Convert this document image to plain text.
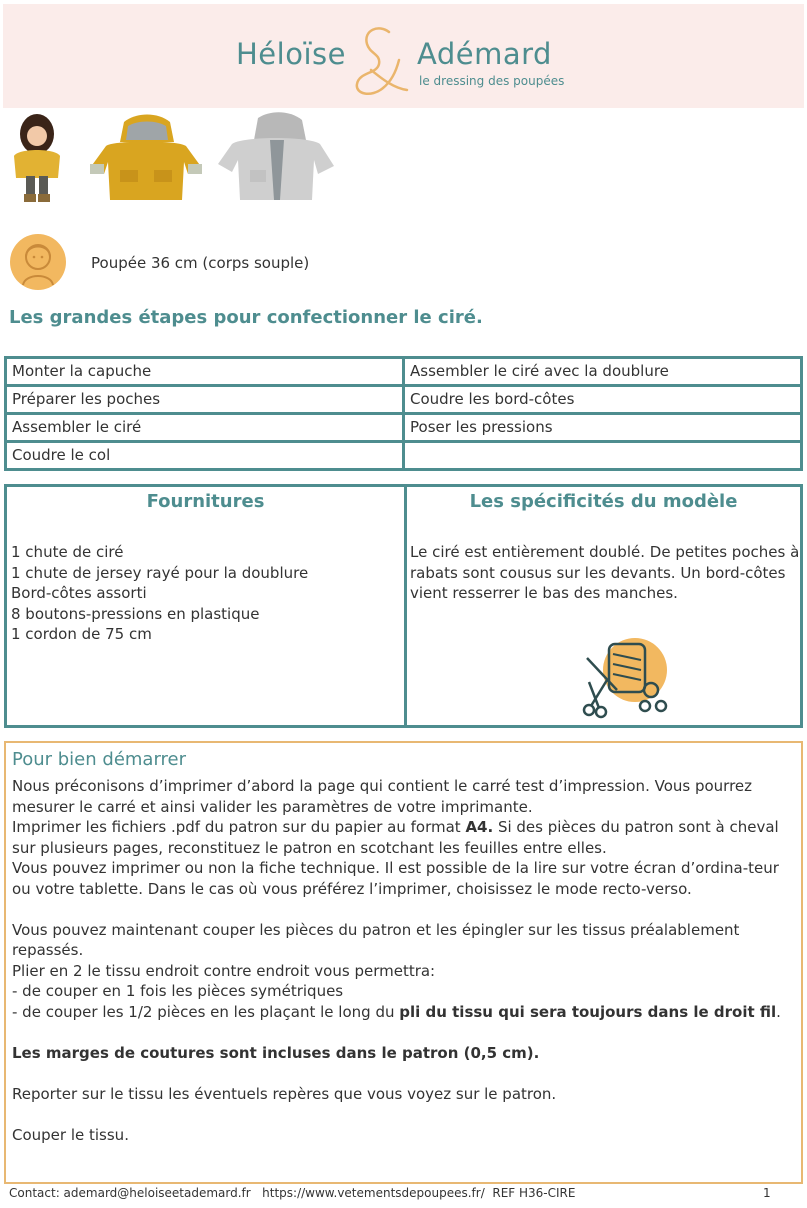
Héloïse Adémard
le dressing des poupées
Poupée 36 cm (corps souple)
Les grandes étapes pour confectionner le ciré.
Monter la capuche	Assembler le ciré avec la doublure
Préparer les poches	Coudre les bord-côtes
Assembler le ciré	Poser les pressions
Coudre le col	
Fournitures	Les spécificités du modèle
1 chute de ciré
1 chute de jersey rayé pour la doublure
Bord-côtes assorti
8 boutons-pressions en plastique
1 cordon de 75 cm
Le ciré est entièrement doublé. De petites poches à rabats sont cousus sur les devants. Un bord-côtes vient resserrer le bas des manches.
Pour bien démarrer

Nous préconisons d’imprimer d’abord la page qui contient le carré test d’impression. Vous pourrez mesurer le carré et ainsi valider les paramètres de votre imprimante.

Imprimer les fichiers .pdf du patron sur du papier au format A4. Si des pièces du patron sont à cheval sur plusieurs pages, reconstituez le patron en scotchant les feuilles entre elles.

Vous pouvez imprimer ou non la fiche technique. Il est possible de la lire sur votre écran d’ordina-teur ou votre tablette. Dans le cas où vous préférez l’imprimer, choisissez le mode recto-verso.

Vous pouvez maintenant couper les pièces du patron et les épingler sur les tissus préalablement repassés.

Plier en 2 le tissu endroit contre endroit vous permettra:

- de couper en 1 fois les pièces symétriques

- de couper les 1/2 pièces en les plaçant le long du pli du tissu qui sera toujours dans le droit fil.

Les marges de coutures sont incluses dans le patron (0,5 cm).

Reporter sur le tissu les éventuels repères que vous voyez sur le patron.

Couper le tissu.

Contact: ademard@heloiseetademard.fr   https://www.vetementsdepoupees.fr/  REF H36-CIRE	1
